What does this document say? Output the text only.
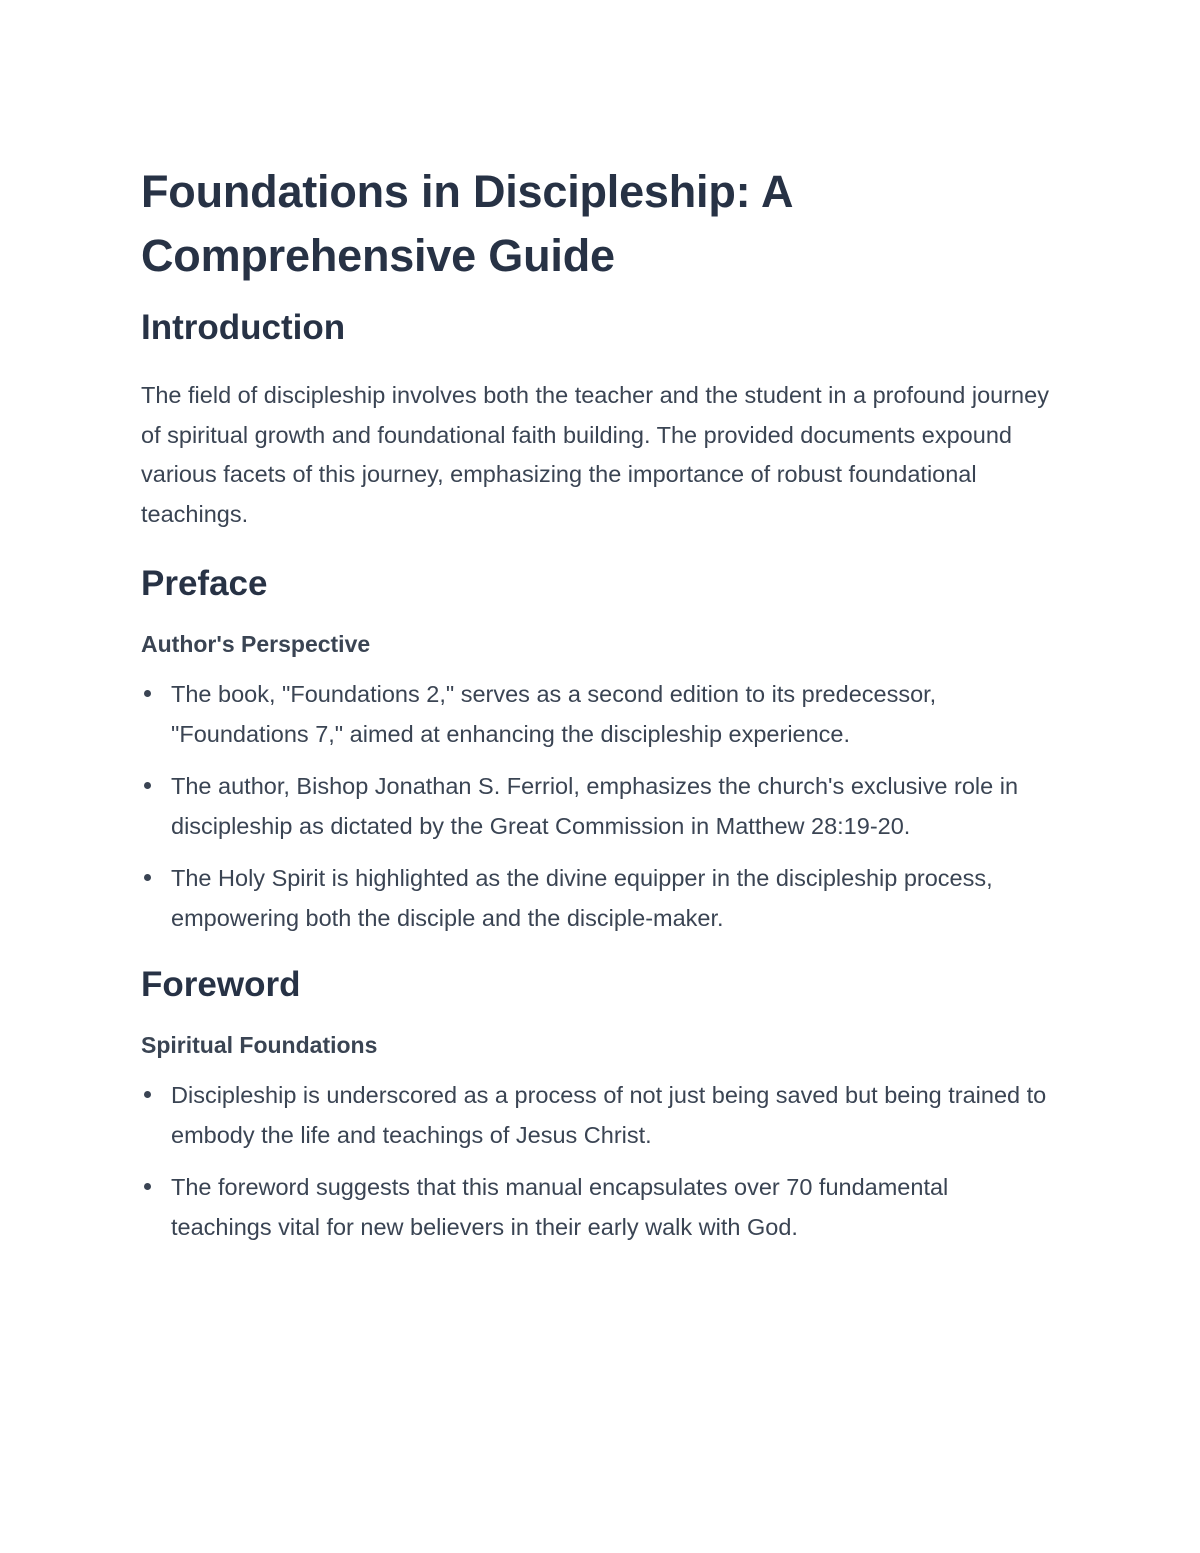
Foundations in Discipleship: A Comprehensive Guide
Introduction

The field of discipleship involves both the teacher and the student in a profound journey of spiritual growth and foundational faith building. The provided documents expound various facets of this journey, emphasizing the importance of robust foundational teachings.

Preface
Author's Perspective
The book, "Foundations 2," serves as a second edition to its predecessor, "Foundations 7," aimed at enhancing the discipleship experience.
The author, Bishop Jonathan S. Ferriol, emphasizes the church's exclusive role in discipleship as dictated by the Great Commission in Matthew 28:19-20.
The Holy Spirit is highlighted as the divine equipper in the discipleship process, empowering both the disciple and the disciple-maker.
Foreword
Spiritual Foundations
Discipleship is underscored as a process of not just being saved but being trained to embody the life and teachings of Jesus Christ.
The foreword suggests that this manual encapsulates over 70 fundamental teachings vital for new believers in their early walk with God.
